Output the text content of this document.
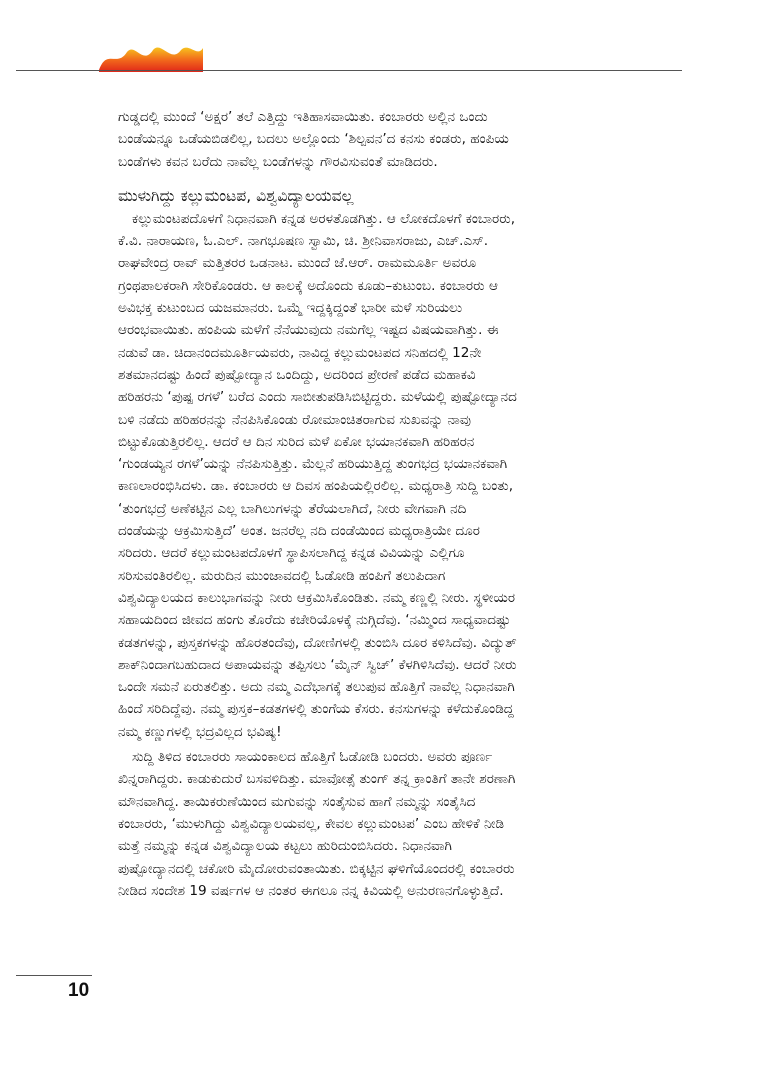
ಗುಡ್ಡದಲ್ಲಿ ಮುಂದೆ ‘ಅಕ್ಷರ’ ತಲೆ ಎತ್ತಿದ್ದು ಇತಿಹಾಸವಾಯಿತು. ಕಂಬಾರರು ಅಲ್ಲಿನ ಒಂದು
ಬಂಡೆಯನ್ನೂ ಒಡೆಯಬಿಡಲಿಲ್ಲ, ಬದಲು ಅಲ್ಲೊಂದು ‘ಶಿಲ್ಪವನ’ದ ಕನಸು ಕಂಡರು, ಹಂಪಿಯ
ಬಂಡೆಗಳು ಕವನ ಬರೆದು ನಾವೆಲ್ಲ ಬಂಡೆಗಳನ್ನು ಗೌರವಿಸುವಂತೆ ಮಾಡಿದರು.
ಮುಳುಗಿದ್ದು ಕಲ್ಲುಮಂಟಪ, ವಿಶ್ವವಿದ್ಯಾಲಯವಲ್ಲ
ಕಲ್ಲುಮಂಟಪದೊಳಗೆ ನಿಧಾನವಾಗಿ ಕನ್ನಡ ಅರಳತೊಡಗಿತ್ತು. ಆ ಲೋಕದೊಳಗೆ ಕಂಬಾರರು,
ಕೆ.ವಿ. ನಾರಾಯಣ, ಓ.ಎಲ್. ನಾಗಭೂಷಣ ಸ್ವಾಮಿ, ಚಿ. ಶ್ರೀನಿವಾಸರಾಜು, ಎಚ್.ಎಸ್.
ರಾಘವೇಂದ್ರ ರಾವ್ ಮತ್ತಿತರರ ಒಡನಾಟ. ಮುಂದೆ ಜೆ.ಆರ್. ರಾಮಮೂರ್ತಿ ಅವರೂ
ಗ್ರಂಥಪಾಲಕರಾಗಿ ಸೇರಿಕೊಂಡರು. ಆ ಕಾಲಕ್ಕೆ ಅದೊಂದು ಕೂಡು–ಕುಟುಂಬ. ಕಂಬಾರರು ಆ
ಅವಿಭಕ್ತ ಕುಟುಂಬದ ಯಜಮಾನರು. ಒಮ್ಮೆ ಇದ್ದಕ್ಕಿದ್ದಂತೆ ಭಾರೀ ಮಳೆ ಸುರಿಯಲು
ಆರಂಭವಾಯಿತು. ಹಂಪಿಯ ಮಳೆಗೆ ನೆನೆಯುವುದು ನಮಗೆಲ್ಲ ಇಷ್ಟದ ವಿಷಯವಾಗಿತ್ತು. ಈ
ನಡುವೆ ಡಾ. ಚಿದಾನಂದಮೂರ್ತಿಯವರು, ನಾವಿದ್ದ ಕಲ್ಲುಮಂಟಪದ ಸನಿಹದಲ್ಲಿ 12ನೇ
ಶತಮಾನದಷ್ಟು ಹಿಂದೆ ಪುಷ್ಪೋದ್ಯಾನ ಒಂದಿದ್ದು, ಅದರಿಂದ ಪ್ರೇರಣೆ ಪಡೆದ ಮಹಾಕವಿ
ಹರಿಹರನು ‘ಪುಷ್ಪ ರಗಳೆ’ ಬರೆದ ಎಂದು ಸಾಬೀತುಪಡಿಸಿಬಿಟ್ಟಿದ್ದರು. ಮಳೆಯಲ್ಲಿ ಪುಷ್ಪೋದ್ಯಾನದ
ಬಳಿ ನಡೆದು ಹರಿಹರನನ್ನು ನೆನಪಿಸಿಕೊಂಡು ರೋಮಾಂಚಿತರಾಗುವ ಸುಖವನ್ನು ನಾವು
ಬಿಟ್ಟುಕೊಡುತ್ತಿರಲಿಲ್ಲ. ಆದರೆ ಆ ದಿನ ಸುರಿದ ಮಳೆ ಏಕೋ ಭಯಾನಕವಾಗಿ ಹರಿಹರನ
‘ಗುಂಡಯ್ಯನ ರಗಳೆ’ಯನ್ನು ನೆನಪಿಸುತ್ತಿತ್ತು. ಮೆಲ್ಲನೆ ಹರಿಯುತ್ತಿದ್ದ ತುಂಗಭದ್ರ ಭಯಾನಕವಾಗಿ
ಕಾಣಲಾರಂಭಿಸಿದಳು. ಡಾ. ಕಂಬಾರರು ಆ ದಿವಸ ಹಂಪಿಯಲ್ಲಿರಲಿಲ್ಲ. ಮಧ್ಯರಾತ್ರಿ ಸುದ್ದಿ ಬಂತು,
‘ತುಂಗಭದ್ರೆ ಅಣೆಕಟ್ಟಿನ ಎಲ್ಲ ಬಾಗಿಲುಗಳನ್ನು ತೆರೆಯಲಾಗಿದೆ, ನೀರು ವೇಗವಾಗಿ ನದಿ
ದಂಡೆಯನ್ನು ಆಕ್ರಮಿಸುತ್ತಿದೆ’ ಅಂತ. ಜನರೆಲ್ಲ ನದಿ ದಂಡೆಯಿಂದ ಮಧ್ಯರಾತ್ರಿಯೇ ದೂರ
ಸರಿದರು. ಆದರೆ ಕಲ್ಲುಮಂಟಪದೊಳಗೆ ಸ್ಥಾಪಿಸಲಾಗಿದ್ದ ಕನ್ನಡ ವಿವಿಯನ್ನು ಎಲ್ಲಿಗೂ
ಸರಿಸುವಂತಿರಲಿಲ್ಲ. ಮರುದಿನ ಮುಂಜಾವದಲ್ಲಿ ಓಡೋಡಿ ಹಂಪಿಗೆ ತಲುಪಿದಾಗ
ವಿಶ್ವವಿದ್ಯಾಲಯದ ಕಾಲುಭಾಗವನ್ನು ನೀರು ಆಕ್ರಮಿಸಿಕೊಂಡಿತು. ನಮ್ಮ ಕಣ್ಣಲ್ಲಿ ನೀರು. ಸ್ಥಳೀಯರ
ಸಹಾಯದಿಂದ ಜೀವದ ಹಂಗು ತೊರೆದು ಕಚೇರಿಯೊಳಕ್ಕೆ ನುಗ್ಗಿದೆವು. ‘ನಮ್ಮಿಂದ ಸಾಧ್ಯವಾದಷ್ಟು
ಕಡತಗಳನ್ನು, ಪುಸ್ತಕಗಳನ್ನು ಹೊರತಂದೆವು, ದೋಣಿಗಳಲ್ಲಿ ತುಂಬಿಸಿ ದೂರ ಕಳಿಸಿದೆವು. ವಿದ್ಯುತ್
ಶಾಕ್‌ನಿಂದಾಗಬಹುದಾದ ಅಪಾಯವನ್ನು ತಪ್ಪಿಸಲು ‘ಮೈನ್ ಸ್ವಿಚ್’ ಕೆಳಗಿಳಿಸಿದೆವು. ಆದರೆ ನೀರು
ಒಂದೇ ಸಮನೆ ಏರುತಲಿತ್ತು. ಅದು ನಮ್ಮ ಎದೆಭಾಗಕ್ಕೆ ತಲುಪುವ ಹೊತ್ತಿಗೆ ನಾವೆಲ್ಲ ನಿಧಾನವಾಗಿ
ಹಿಂದೆ ಸರಿದಿದ್ದೆವು. ನಮ್ಮ ಪುಸ್ತಕ–ಕಡತಗಳಲ್ಲಿ ತುಂಗೆಯ ಕೆಸರು. ಕನಸುಗಳನ್ನು ಕಳೆದುಕೊಂಡಿದ್ದ
ನಮ್ಮ ಕಣ್ಣುಗಳಲ್ಲಿ ಭದ್ರವಿಲ್ಲದ ಭವಿಷ್ಯ!
ಸುದ್ದಿ ತಿಳಿದ ಕಂಬಾರರು ಸಾಯಂಕಾಲದ ಹೊತ್ತಿಗೆ ಓಡೋಡಿ ಬಂದರು. ಅವರು ಪೂರ್ಣ
ಖಿನ್ನರಾಗಿದ್ದರು. ಕಾಡುಕುದುರೆ ಬಸವಳಿದಿತ್ತು. ಮಾವೋತ್ಸೆ ತುಂಗ್ ತನ್ನ ಕ್ರಾಂತಿಗೆ ತಾನೇ ಶರಣಾಗಿ
ಮೌನವಾಗಿದ್ದ. ತಾಯಿಕರುಣೆಯಿಂದ ಮಗುವನ್ನು ಸಂತೈಸುವ ಹಾಗೆ ನಮ್ಮನ್ನು ಸಂತೈಸಿದ
ಕಂಬಾರರು, ‘ಮುಳುಗಿದ್ದು ವಿಶ್ವವಿದ್ಯಾಲಯವಲ್ಲ, ಕೇವಲ ಕಲ್ಲುಮಂಟಪ’ ಎಂಬ ಹೇಳಿಕೆ ನೀಡಿ
ಮತ್ತೆ ನಮ್ಮನ್ನು ಕನ್ನಡ ವಿಶ್ವವಿದ್ಯಾಲಯ ಕಟ್ಟಲು ಹುರಿದುಂಬಿಸಿದರು. ನಿಧಾನವಾಗಿ
ಪುಷ್ಪೋದ್ಯಾನದಲ್ಲಿ ಚಕೋರಿ ಮೈದೋರುವಂತಾಯಿತು. ಬಿಕ್ಕಟ್ಟಿನ ಘಳಿಗೆಯೊಂದರಲ್ಲಿ ಕಂಬಾರರು
ನೀಡಿದ ಸಂದೇಶ 19 ವರ್ಷಗಳ ಆ ನಂತರ ಈಗಲೂ ನನ್ನ ಕಿವಿಯಲ್ಲಿ ಅನುರಣನಗೊಳ್ಳುತ್ತಿದೆ.
10
